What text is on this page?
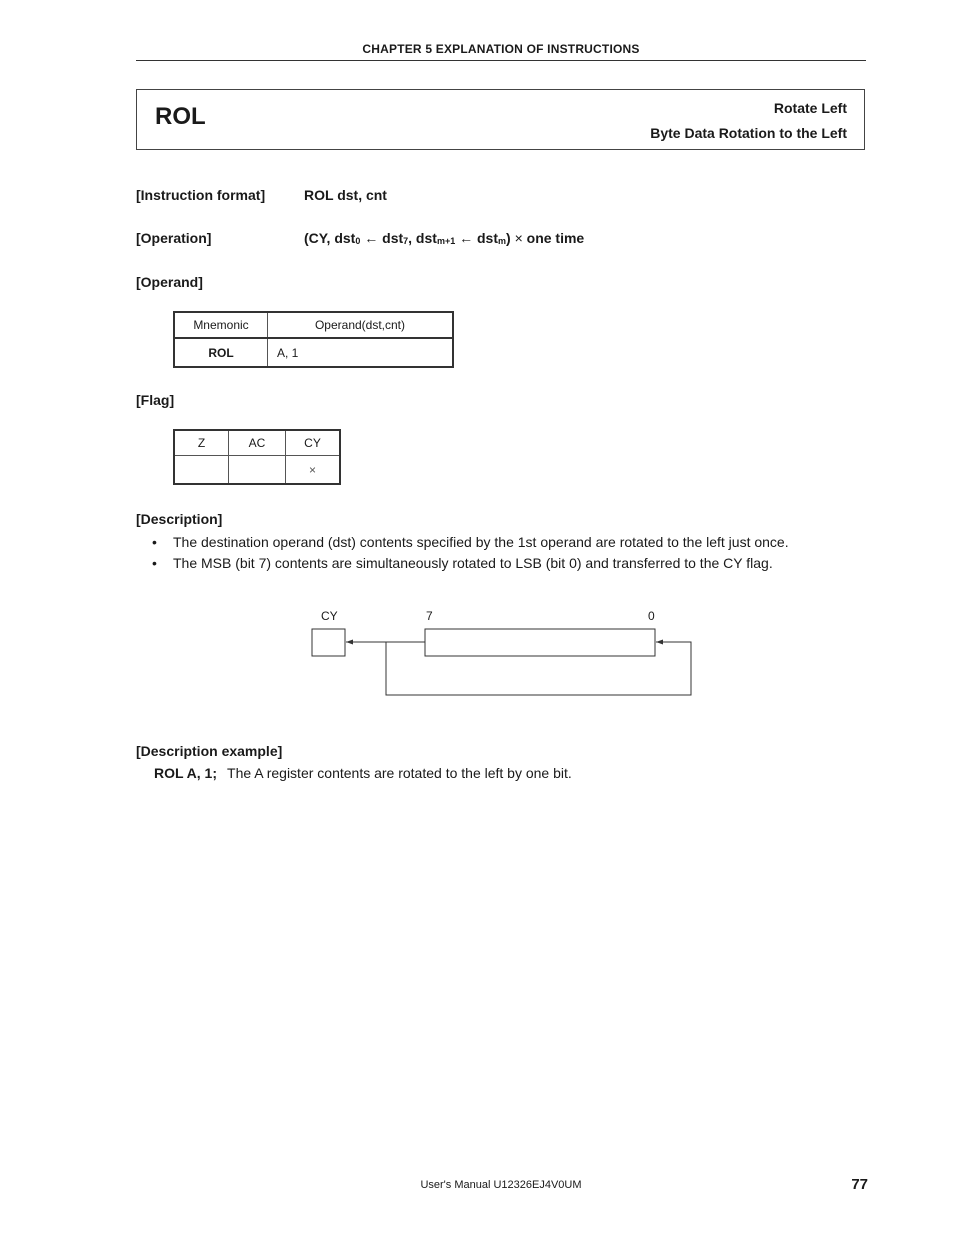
CHAPTER 5 EXPLANATION OF INSTRUCTIONS
ROL	Rotate Left
Byte Data Rotation to the Left
[Instruction format]	ROL dst, cnt
[Operation]	(CY, dst$_0$ ← dst$_7$, dst$_{m+1}$ ← dst$_m$) × one time
[Operand]
Mnemonic	Operand(dst,cnt)
ROL	A, 1
[Flag]
Z	AC	CY
		×
[Description]
•	The destination operand (dst) contents specified by the 1st operand are rotated to the left just once.
•	The MSB (bit 7) contents are simultaneously rotated to LSB (bit 0) and transferred to the CY flag.
CY	7	0
[Description example]
ROL A, 1; The A register contents are rotated to the left by one bit.
User's Manual U12326EJ4V0UM	77
